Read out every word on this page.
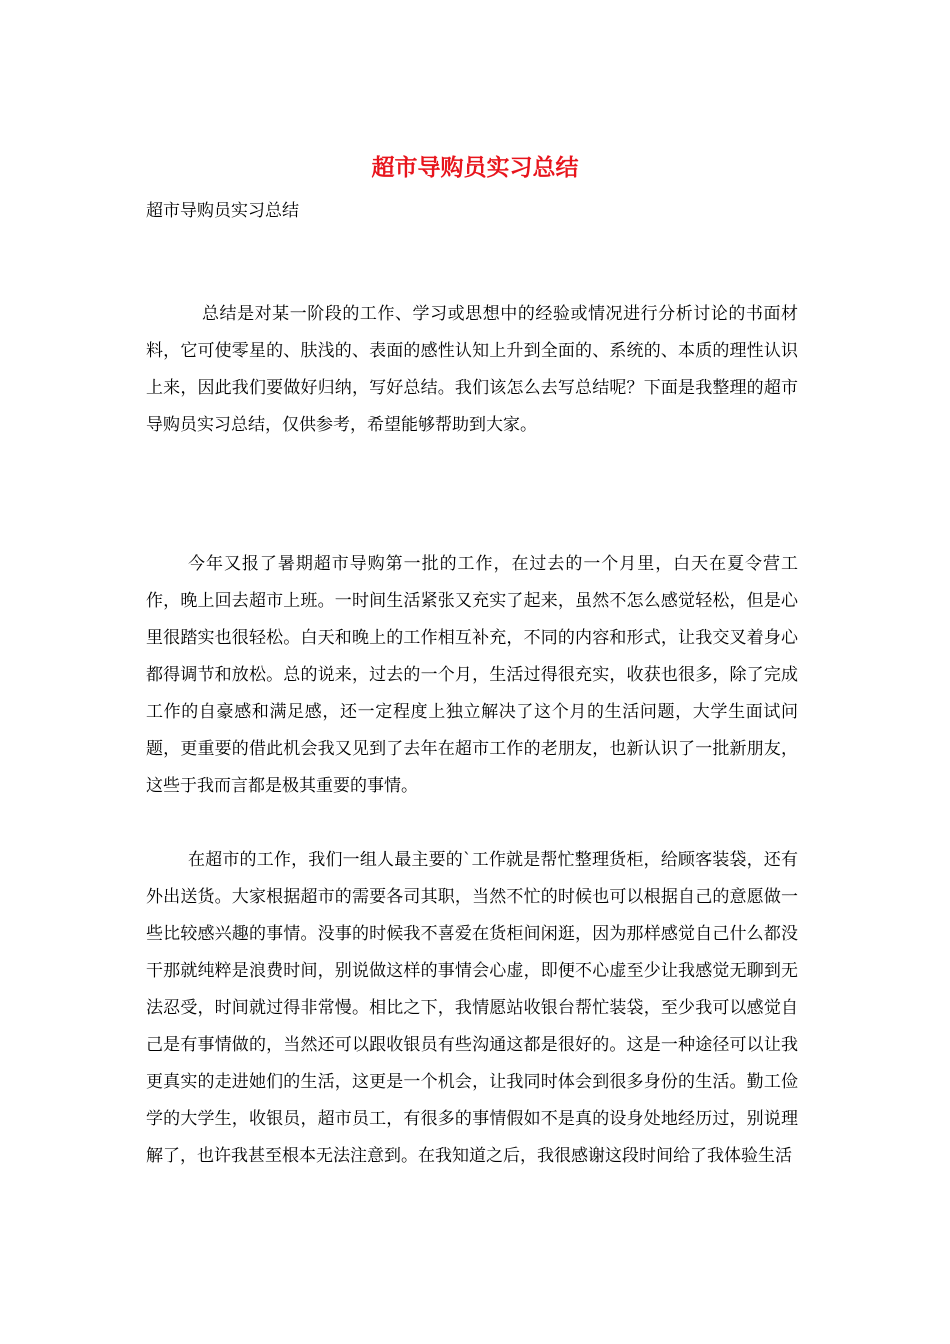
超市导购员实习总结

超市导购员实习总结

总结是对某一阶段的工作、学习或思想中的经验或情况进行分析讨论的书面材料，它可使零星的、肤浅的、表面的感性认知上升到全面的、系统的、本质的理性认识上来，因此我们要做好归纳，写好总结。我们该怎么去写总结呢？下面是我整理的超市导购员实习总结，仅供参考，希望能够帮助到大家。

今年又报了暑期超市导购第一批的工作，在过去的一个月里，白天在夏令营工作，晚上回去超市上班。一时间生活紧张又充实了起来，虽然不怎么感觉轻松，但是心里很踏实也很轻松。白天和晚上的工作相互补充，不同的内容和形式，让我交叉着身心都得调节和放松。总的说来，过去的一个月，生活过得很充实，收获也很多，除了完成工作的自豪感和满足感，还一定程度上独立解决了这个月的生活问题，大学生面试问题，更重要的借此机会我又见到了去年在超市工作的老朋友，也新认识了一批新朋友，这些于我而言都是极其重要的事情。

在超市的工作，我们一组人最主要的`工作就是帮忙整理货柜，给顾客装袋，还有外出送货。大家根据超市的需要各司其职，当然不忙的时候也可以根据自己的意愿做一些比较感兴趣的事情。没事的时候我不喜爱在货柜间闲逛，因为那样感觉自己什么都没干那就纯粹是浪费时间，别说做这样的事情会心虚，即便不心虚至少让我感觉无聊到无法忍受，时间就过得非常慢。相比之下，我情愿站收银台帮忙装袋，至少我可以感觉自己是有事情做的，当然还可以跟收银员有些沟通这都是很好的。这是一种途径可以让我更真实的走进她们的生活，这更是一个机会，让我同时体会到很多身份的生活。勤工俭学的大学生，收银员，超市员工，有很多的事情假如不是真的设身处地经历过，别说理解了，也许我甚至根本无法注意到。在我知道之后，我很感谢这段时间给了我体验生活
